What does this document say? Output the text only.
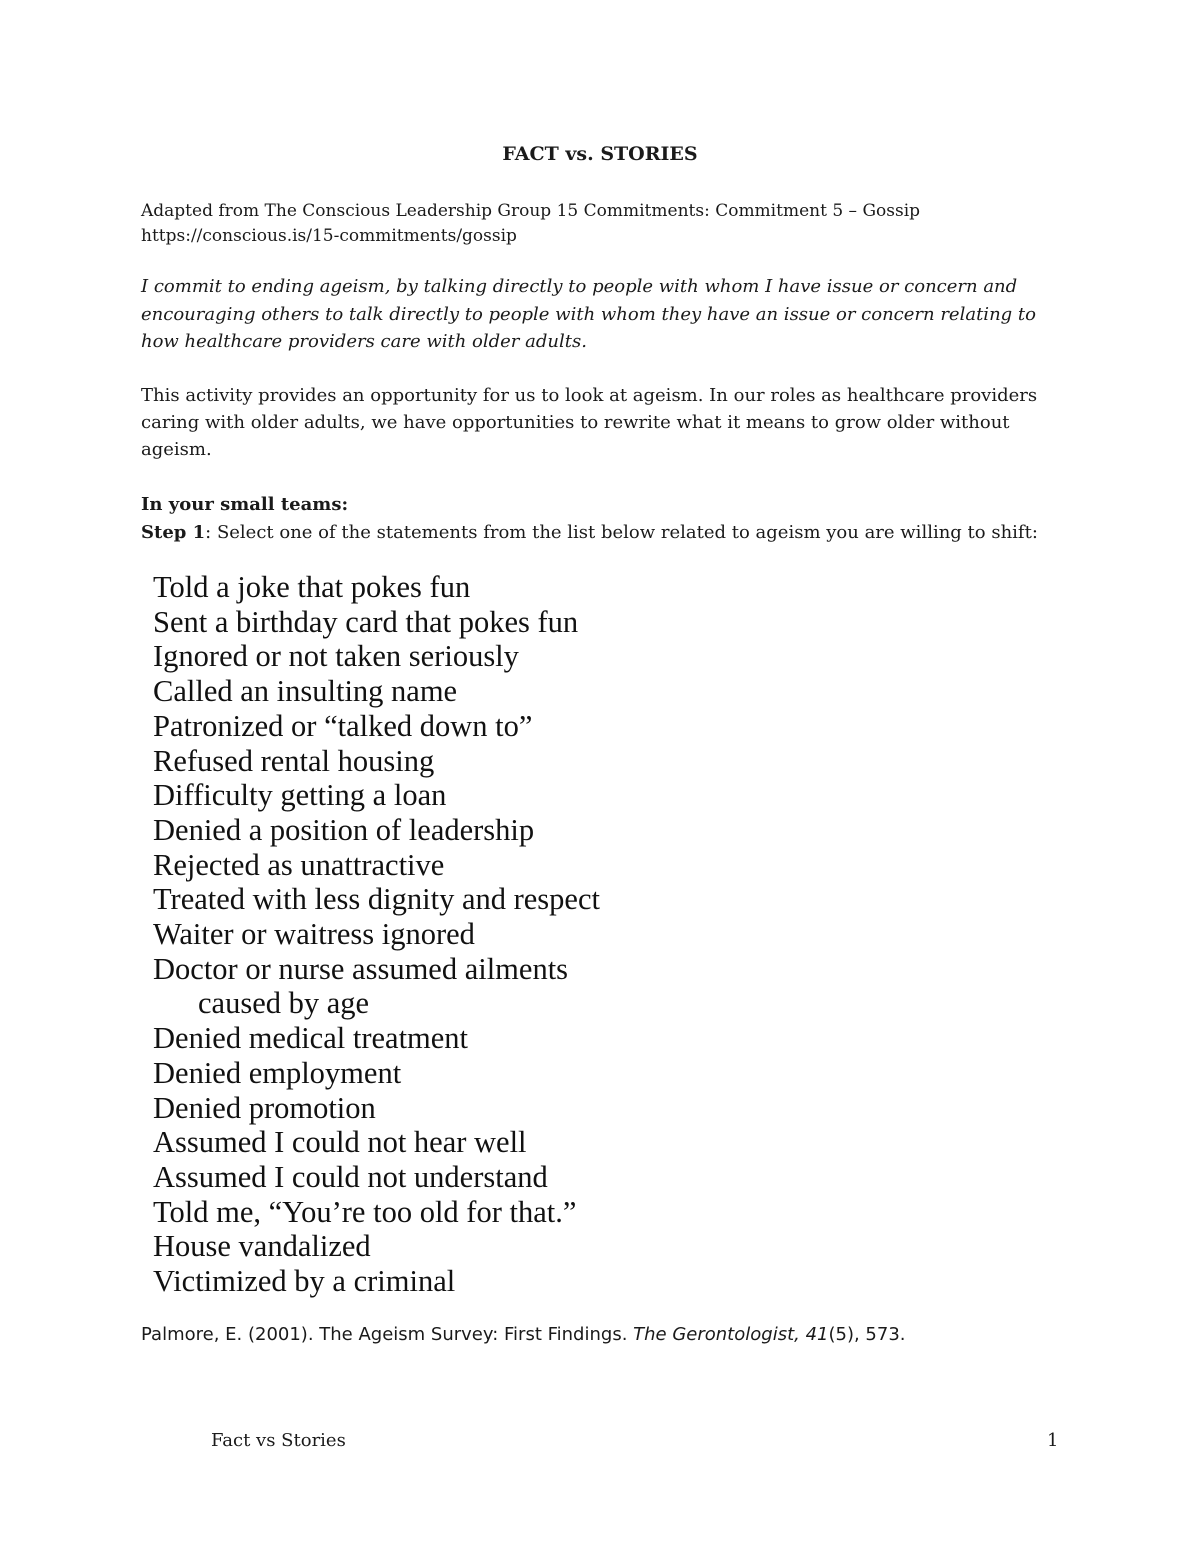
FACT vs. STORIES
Adapted from The Conscious Leadership Group 15 Commitments: Commitment 5 – Gossip
https://conscious.is/15-commitments/gossip
I commit to ending ageism, by talking directly to people with whom I have issue or concern and encouraging others to talk directly to people with whom they have an issue or concern relating to how healthcare providers care with older adults.
This activity provides an opportunity for us to look at ageism. In our roles as healthcare providers caring with older adults, we have opportunities to rewrite what it means to grow older without ageism.
In your small teams:
Step 1: Select one of the statements from the list below related to ageism you are willing to shift:
Told a joke that pokes fun
Sent a birthday card that pokes fun
Ignored or not taken seriously
Called an insulting name
Patronized or “talked down to”
Refused rental housing
Difficulty getting a loan
Denied a position of leadership
Rejected as unattractive
Treated with less dignity and respect
Waiter or waitress ignored
Doctor or nurse assumed ailments
caused by age
Denied medical treatment
Denied employment
Denied promotion
Assumed I could not hear well
Assumed I could not understand
Told me, “You’re too old for that.”
House vandalized
Victimized by a criminal
Palmore, E. (2001). The Ageism Survey: First Findings. The Gerontologist, 41(5), 573.
Fact vs Stories	1
